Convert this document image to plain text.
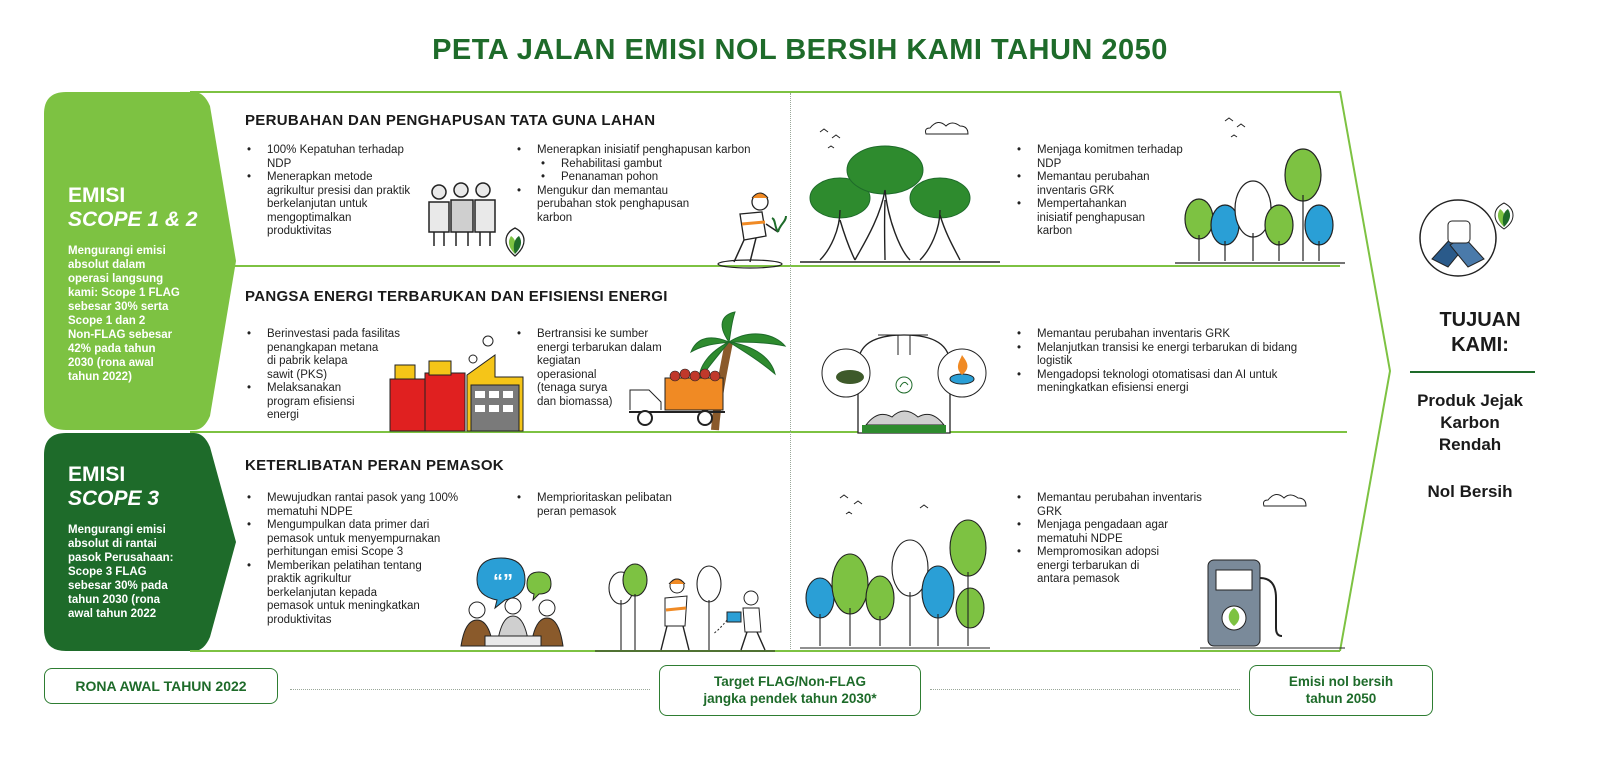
PETA JALAN EMISI NOL BERSIH KAMI TAHUN 2050
EMISI
SCOPE 1 & 2
Mengurangi emisi
absolut dalam
operasi langsung
kami: Scope 1 FLAG
sebesar 30% serta
Scope 1 dan 2
Non-FLAG sebesar
42% pada tahun
2030 (rona awal
tahun 2022)
EMISI
SCOPE 3
Mengurangi emisi
absolut di rantai
pasok Perusahaan:
Scope 3 FLAG
sebesar 30% pada
tahun 2030 (rona
awal tahun 2022
PERUBAHAN DAN PENGHAPUSAN TATA GUNA LAHAN
• 100% Kepatuhan terhadap
NDP
• Menerapkan metode
agrikultur presisi dan praktik
berkelanjutan untuk
mengoptimalkan
produktivitas
• Menerapkan inisiatif penghapusan karbon
• Rehabilitasi gambut
• Penanaman pohon
• Mengukur dan memantau
perubahan stok penghapusan
karbon
• Menjaga komitmen terhadap
NDP
• Memantau perubahan
inventaris GRK
• Mempertahankan
inisiatif penghapusan
karbon
PANGSA ENERGI TERBARUKAN DAN EFISIENSI ENERGI
• Berinvestasi pada fasilitas
penangkapan metana
di pabrik kelapa
sawit (PKS)
• Melaksanakan
program efisiensi
energi
• Bertransisi ke sumber
energi terbarukan dalam
kegiatan
operasional
(tenaga surya
dan biomassa)
• Memantau perubahan inventaris GRK
• Melanjutkan transisi ke energi terbarukan di bidang
logistik
• Mengadopsi teknologi otomatisasi dan AI untuk
meningkatkan efisiensi energi
KETERLIBATAN PERAN PEMASOK
• Mewujudkan rantai pasok yang 100%
mematuhi NDPE
• Mengumpulkan data primer dari
pemasok untuk menyempurnakan
perhitungan emisi Scope 3
• Memberikan pelatihan tentang
praktik agrikultur
berkelanjutan kepada
pemasok untuk meningkatkan
produktivitas
• Memprioritaskan pelibatan
peran pemasok
• Memantau perubahan inventaris
GRK
• Menjaga pengadaan agar
mematuhi NDPE
• Mempromosikan adopsi
energi terbarukan di
antara pemasok
“ ”
TUJUAN
KAMI:
Produk Jejak
Karbon
Rendah
Nol Bersih
RONA AWAL TAHUN 2022	Target FLAG/Non-FLAG
jangka pendek tahun 2030*
Emisi nol bersih
tahun 2050
